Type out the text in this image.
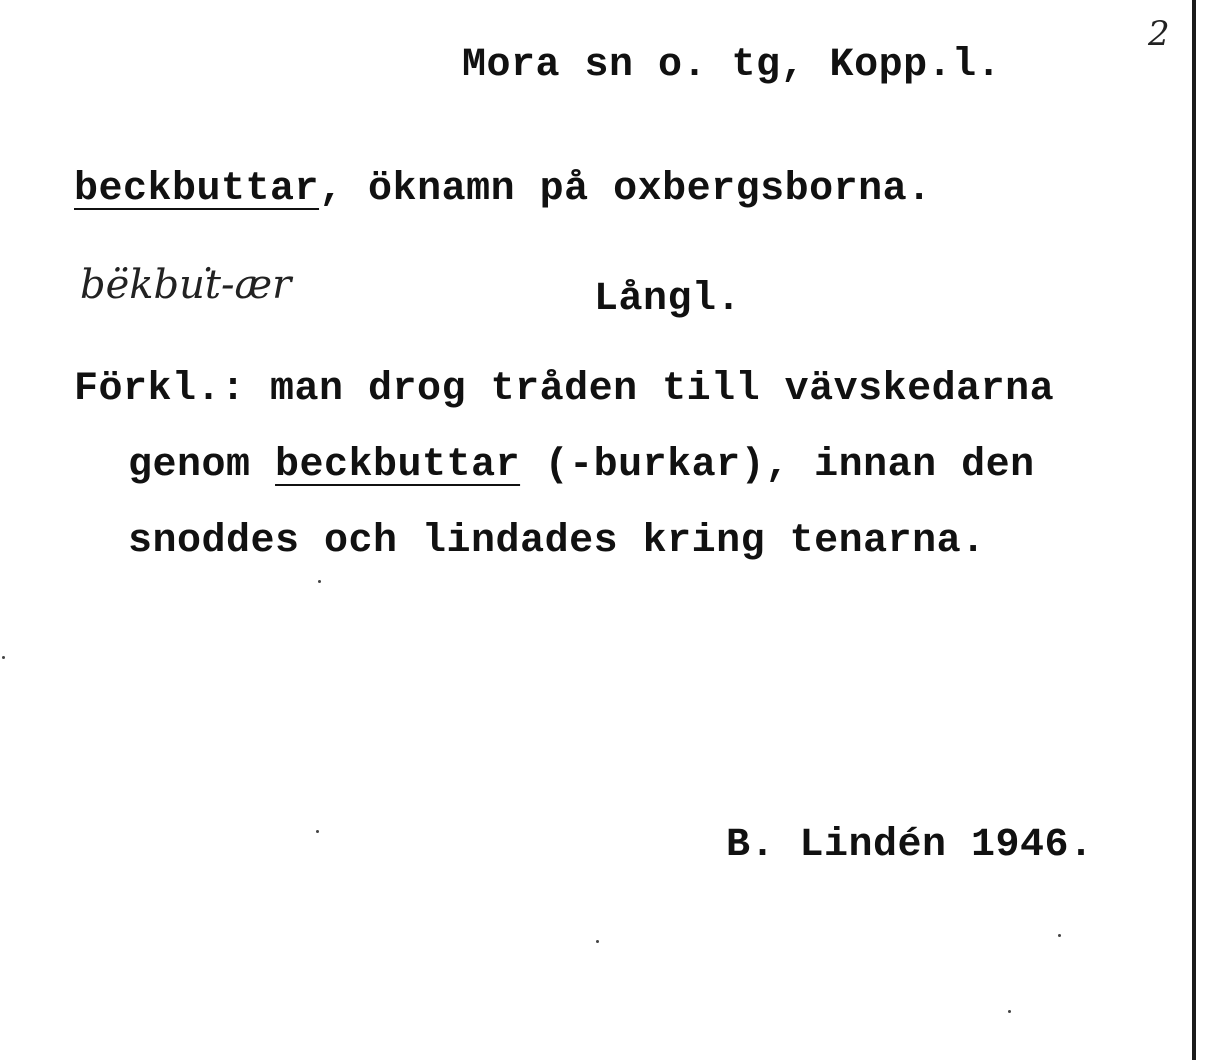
2
Mora sn o. tg, Kopp.l.
beckbuttar, öknamn på oxbergsborna.
bëkbu͘t-ær	Långl.
Förkl.: man drog tråden till vävskedarna
genom beckbuttar (-burkar), innan den
snoddes och lindades kring tenarna.
B. Lindén 1946.
